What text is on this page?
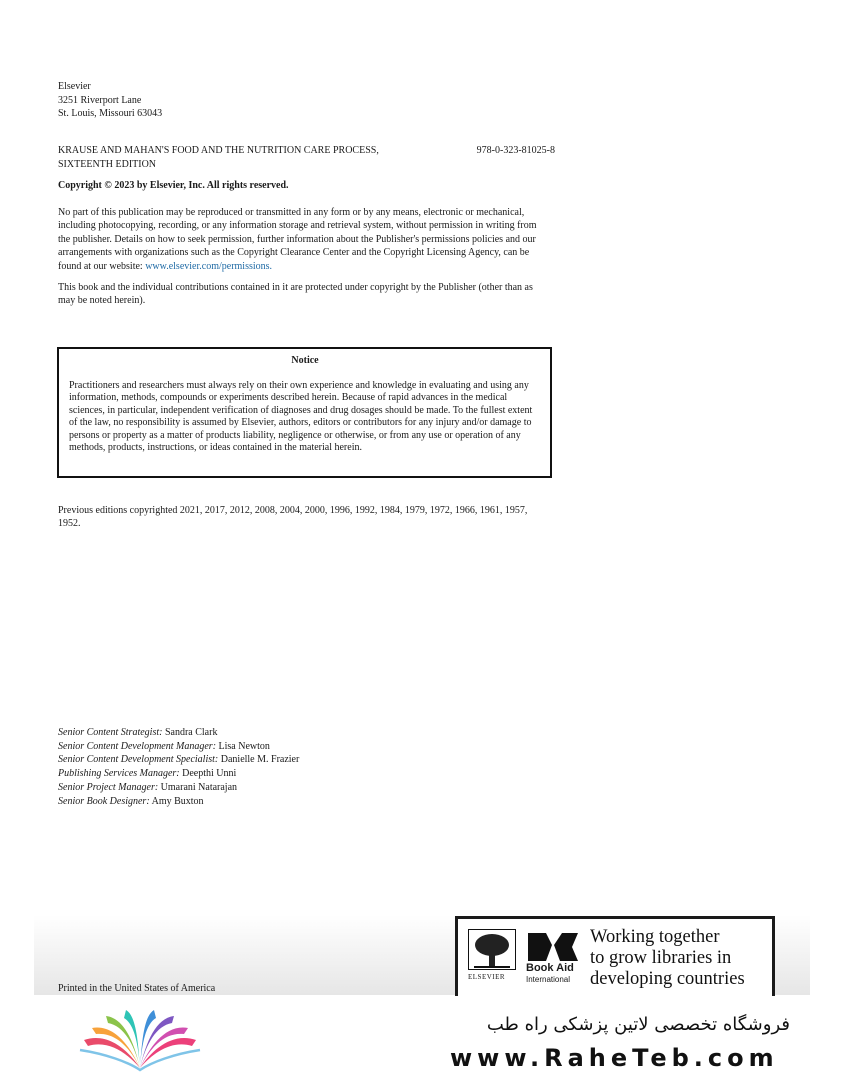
Elsevier
3251 Riverport Lane
St. Louis, Missouri 63043
KRAUSE AND MAHAN'S FOOD AND THE NUTRITION CARE PROCESS,
SIXTEENTH EDITION
978-0-323-81025-8
Copyright © 2023 by Elsevier, Inc. All rights reserved.
No part of this publication may be reproduced or transmitted in any form or by any means, electronic or mechanical, including photocopying, recording, or any information storage and retrieval system, without permission in writing from the publisher. Details on how to seek permission, further information about the Publisher's permissions policies and our arrangements with organizations such as the Copyright Clearance Center and the Copyright Licensing Agency, can be found at our website: www.elsevier.com/permissions.
This book and the individual contributions contained in it are protected under copyright by the Publisher (other than as may be noted herein).
Notice
Practitioners and researchers must always rely on their own experience and knowledge in evaluating and using any information, methods, compounds or experiments described herein. Because of rapid advances in the medical sciences, in particular, independent verification of diagnoses and drug dosages should be made. To the fullest extent of the law, no responsibility is assumed by Elsevier, authors, editors or contributors for any injury and/or damage to persons or property as a matter of products liability, negligence or otherwise, or from any use or operation of any methods, products, instructions, or ideas contained in the material herein.
Previous editions copyrighted 2021, 2017, 2012, 2008, 2004, 2000, 1996, 1992, 1984, 1979, 1972, 1966, 1961, 1957, 1952.
Senior Content Strategist: Sandra Clark
Senior Content Development Manager: Lisa Newton
Senior Content Development Specialist: Danielle M. Frazier
Publishing Services Manager: Deepthi Unni
Senior Project Manager: Umarani Natarajan
Senior Book Designer: Amy Buxton
Printed in the United States of America
ELSEVIER
Book Aid
International
Working together
to grow libraries in
developing countries
فروشگاه تخصصی لاتین پزشکی راه طب
www.RaheTeb.com
